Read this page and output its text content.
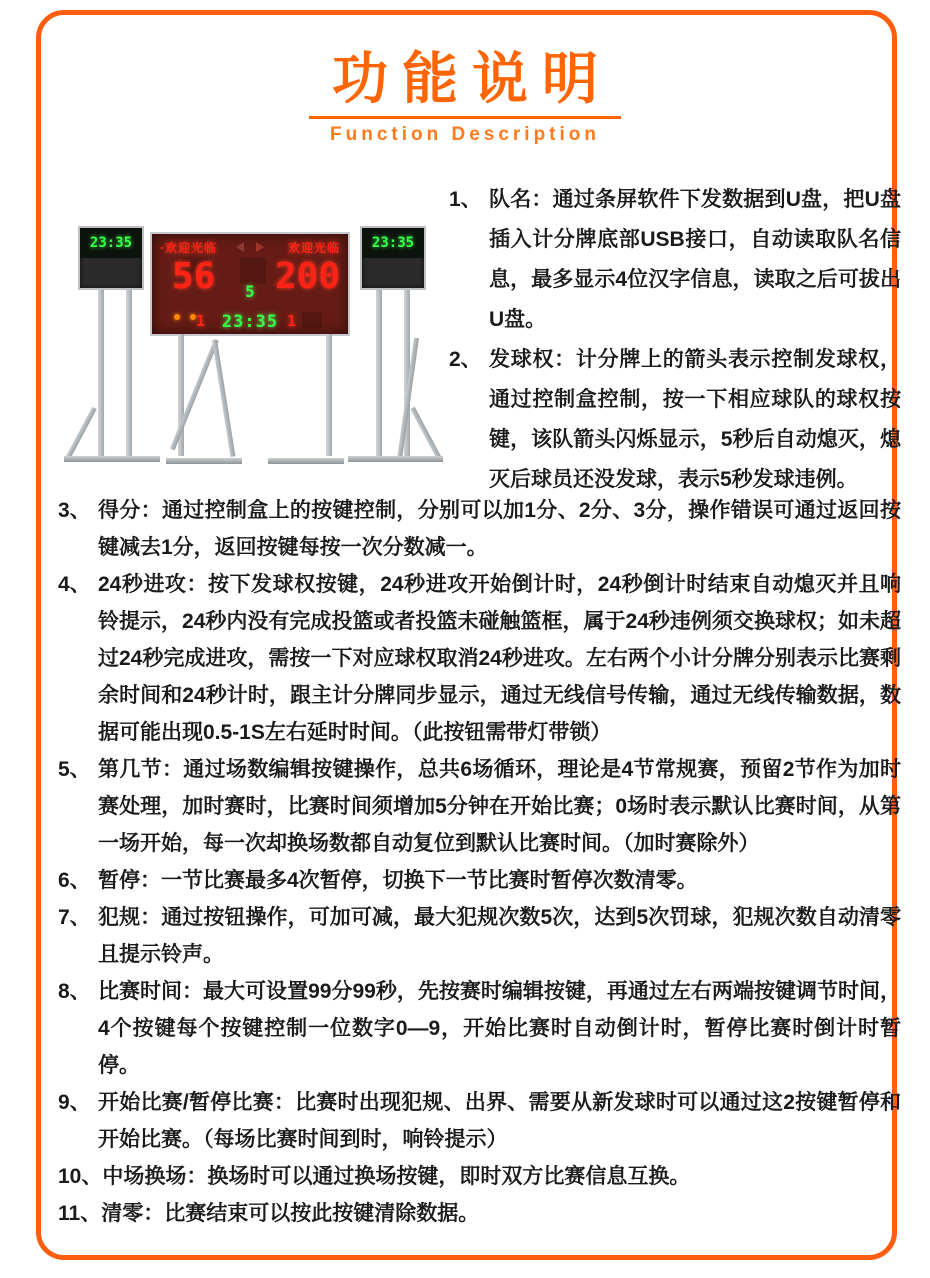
功能说明
Function Description
23:35	23:35
·欢迎光临	欢迎光临
56 5 200
1 23:35 1
1、 队名：通过条屏软件下发数据到U盘，把U盘插入计分牌底部USB接口，自动读取队名信息，最多显示4位汉字信息，读取之后可拔出U盘。
2、 发球权：计分牌上的箭头表示控制发球权，通过控制盒控制，按一下相应球队的球权按键，该队箭头闪烁显示，5秒后自动熄灭，熄灭后球员还没发球，表示5秒发球违例。
3、 得分：通过控制盒上的按键控制，分别可以加1分、2分、3分，操作错误可通过返回按键减去1分，返回按键每按一次分数减一。
4、 24秒进攻：按下发球权按键，24秒进攻开始倒计时，24秒倒计时结束自动熄灭并且响铃提示，24秒内没有完成投篮或者投篮未碰触篮框，属于24秒违例须交换球权；如未超过24秒完成进攻，需按一下对应球权取消24秒进攻。左右两个小计分牌分别表示比赛剩余时间和24秒计时，跟主计分牌同步显示，通过无线信号传输，通过无线传输数据，数据可能出现0.5-1S左右延时时间。（此按钮需带灯带锁）
5、 第几节：通过场数编辑按键操作，总共6场循环，理论是4节常规赛，预留2节作为加时赛处理，加时赛时，比赛时间须增加5分钟在开始比赛；0场时表示默认比赛时间，从第一场开始，每一次却换场数都自动复位到默认比赛时间。（加时赛除外）
6、 暂停：一节比赛最多4次暂停，切换下一节比赛时暂停次数清零。
7、 犯规：通过按钮操作，可加可减，最大犯规次数5次，达到5次罚球，犯规次数自动清零且提示铃声。
8、 比赛时间：最大可设置99分99秒，先按赛时编辑按键，再通过左右两端按键调节时间，4个按键每个按键控制一位数字0—9，开始比赛时自动倒计时，暂停比赛时倒计时暂停。
9、 开始比赛/暂停比赛：比赛时出现犯规、出界、需要从新发球时可以通过这2按键暂停和开始比赛。（每场比赛时间到时，响铃提示）
10、 中场换场：换场时可以通过换场按键，即时双方比赛信息互换。
11、 清零：比赛结束可以按此按键清除数据。
